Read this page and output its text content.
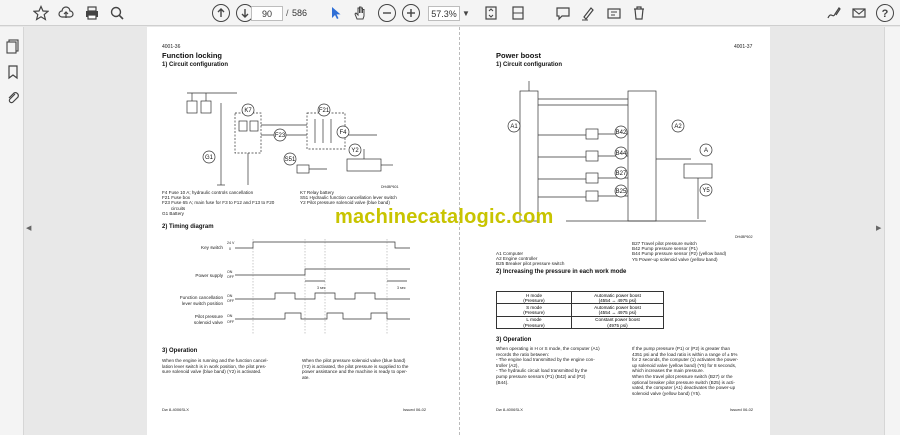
90	/ 586	57.3% ▼	?
◀	▶
4001-36
Function locking
1) Circuit configuration
K7	F21
F23	F4
G1	S51
Y2
DH4BP601
F4 Fuse 10 A; hydraulic controls cancellation
F21 Fuse box
F23 Fuse 65 A; main fuse for F3 to F12 and F13 to F20
circuits
G1 Battery
K7 Relay battery
S51 Hydraulic function cancellation lever switch
Y2 Pilot pressure solenoid valve (blue band)
2) Timing diagram
Key switch
Power supply
Function cancellation
lever switch position
Pilot pressure
solenoid valve
24 V
0
ON
OFF
ON
OFF
ON
OFF
3 sec	3 sec
3) Operation
When the engine is running and the function cancel-
lation lever switch is in work position, the pilot pres-
sure solenoid valve (blue band) (Y2) is activated.
When the pilot pressure solenoid valve (blue band)
(Y2) is activated, the pilot pressure is supplied to the
power assistance and the machine is ready to oper-
ate.
Dw 8-4006SLX	Issued 06-02
4001-37
Power boost
1) Circuit configuration
A1	A2
B42
B44
B27
B25
A
Y5
DH4BP602
A1 Computer
A2 Engine controller
B25 Breaker pilot pressure switch
B27 Travel pilot pressure switch
B42 Pump pressure sensor (P1)
B44 Pump pressure sensor (P2) (yellow band)
Y5 Power-up solenoid valve (yellow band)
2) Increasing the pressure in each work mode
H mode
(Pressure)	Automatic power boost
(4554 ↔ 4975 psi)
S mode
(Pressure)	Automatic power boost
(4554 ↔ 4975 psi)
L mode
(Pressure)	Constant power boost
(4975 psi)
3) Operation
When operating in H or S mode, the computer (A1)
records the ratio between:
- The engine load transmitted by the engine con-
troller (A2),
- The hydraulic circuit load transmitted by the
pump pressure sensors (P1) (B42) and (P2)
(B44).
If the pump pressure (P1) or (P2) is greater than
4351 psi and the load ratio is within a range of ± 5%
for 2 seconds, the computer (1) activates the power-
up solenoid valve (yellow band) (Y5) for 8 seconds,
which increases the main pressure.
When the travel pilot pressure switch (B27) or the
optional breaker pilot pressure switch (B25) is acti-
vated, the computer (A1) deactivates the power-up
solenoid valve (yellow band) (Y5).
Dw 8-4006SLX	Issued 06-02
machinecatalogic.com
